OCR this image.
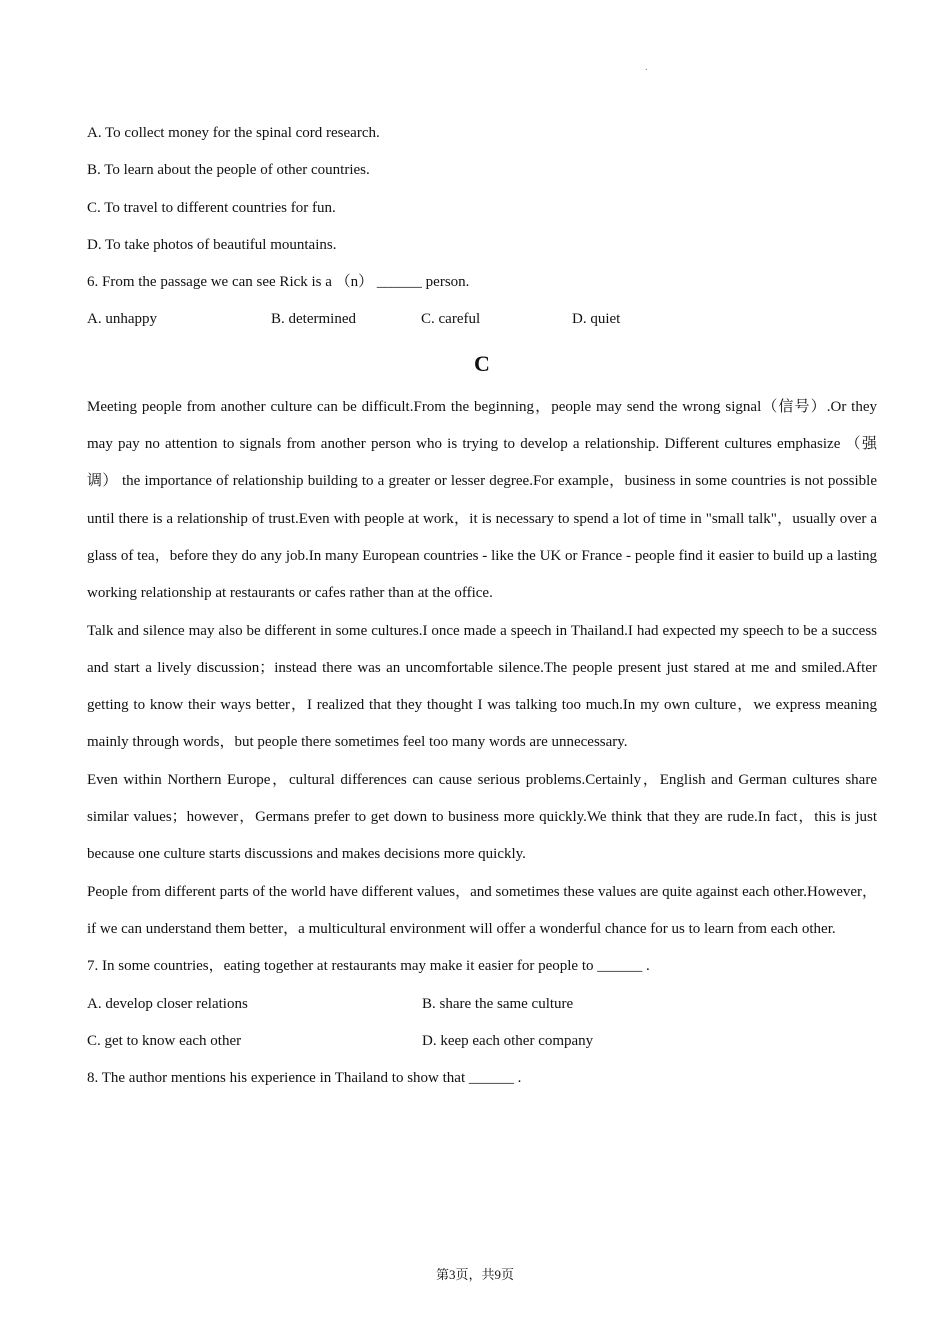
.
A. To collect money for the spinal cord research.
B. To learn about the people of other countries.
C. To travel to different countries for fun.
D. To take photos of beautiful mountains.
6. From the passage we can see Rick is a （n） ______ person.
A. unhappy	B. determined	C. careful	D. quiet
C
Meeting people from another culture can be difficult.From the beginning，people may send the wrong signal（信号）.Or they may pay no attention to signals from another person who is trying to develop a relationship. Different cultures emphasize （强调） the importance of relationship building to a greater or lesser degree.For example，business in some countries is not possible until there is a relationship of trust.Even with people at work，it is necessary to spend a lot of time in "small talk"，usually over a glass of tea，before they do any job.In many European countries - like the UK or France - people find it easier to build up a lasting working relationship at restaurants or cafes rather than at the office.
Talk and silence may also be different in some cultures.I once made a speech in Thailand.I had expected my speech to be a success and start a lively discussion；instead there was an uncomfortable silence.The people present just stared at me and smiled.After getting to know their ways better，I realized that they thought I was talking too much.In my own culture，we express meaning mainly through words，but people there sometimes feel too many words are unnecessary.
Even within Northern Europe，cultural differences can cause serious problems.Certainly，English and German cultures share similar values；however，Germans prefer to get down to business more quickly.We think that they are rude.In fact，this is just because one culture starts discussions and makes decisions more quickly.
People from different parts of the world have different values，and sometimes these values are quite against each other.However，if we can understand them better，a multicultural environment will offer a wonderful chance for us to learn from each other.
7. In some countries，eating together at restaurants may make it easier for people to ______ .
A. develop closer relations	B. share the same culture
C. get to know each other	D. keep each other company
8. The author mentions his experience in Thailand to show that ______ .
第3页，共9页
